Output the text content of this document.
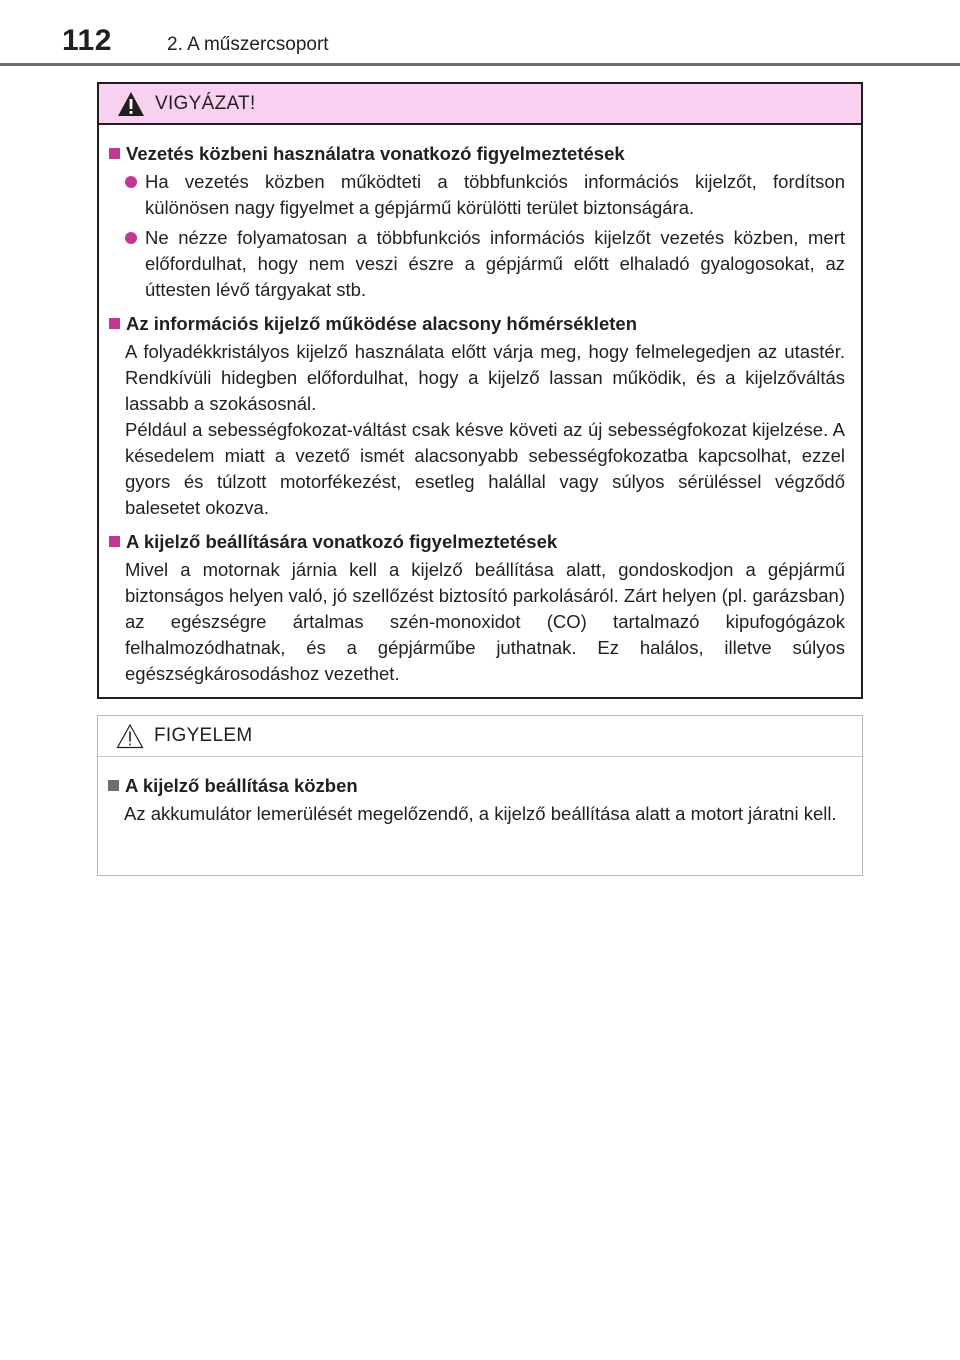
112	2. A műszercsoport
VIGYÁZAT!
Vezetés közbeni használatra vonatkozó figyelmeztetések
Ha vezetés közben működteti a többfunkciós információs kijelzőt, fordítson különösen nagy figyelmet a gépjármű körülötti terület biztonságára.
Ne nézze folyamatosan a többfunkciós információs kijelzőt vezetés közben, mert előfordulhat, hogy nem veszi észre a gépjármű előtt elhaladó gyalogosokat, az úttesten lévő tárgyakat stb.
Az információs kijelző működése alacsony hőmérsékleten
A folyadékkristályos kijelző használata előtt várja meg, hogy felmelegedjen az utastér. Rendkívüli hidegben előfordulhat, hogy a kijelző lassan működik, és a kijelzőváltás lassabb a szokásosnál.
Például a sebességfokozat-váltást csak késve követi az új sebességfokozat kijelzése. A késedelem miatt a vezető ismét alacsonyabb sebességfokozatba kapcsolhat, ezzel gyors és túlzott motorfékezést, esetleg halállal vagy súlyos sérüléssel végződő balesetet okozva.
A kijelző beállítására vonatkozó figyelmeztetések
Mivel a motornak járnia kell a kijelző beállítása alatt, gondoskodjon a gépjármű biztonságos helyen való, jó szellőzést biztosító parkolásáról. Zárt helyen (pl. garázsban) az egészségre ártalmas szén-monoxidot (CO) tartalmazó kipufogógázok felhalmozódhatnak, és a gépjárműbe juthatnak. Ez halálos, illetve súlyos egészségkárosodáshoz vezethet.
FIGYELEM
A kijelző beállítása közben
Az akkumulátor lemerülését megelőzendő, a kijelző beállítása alatt a motort járatni kell.
